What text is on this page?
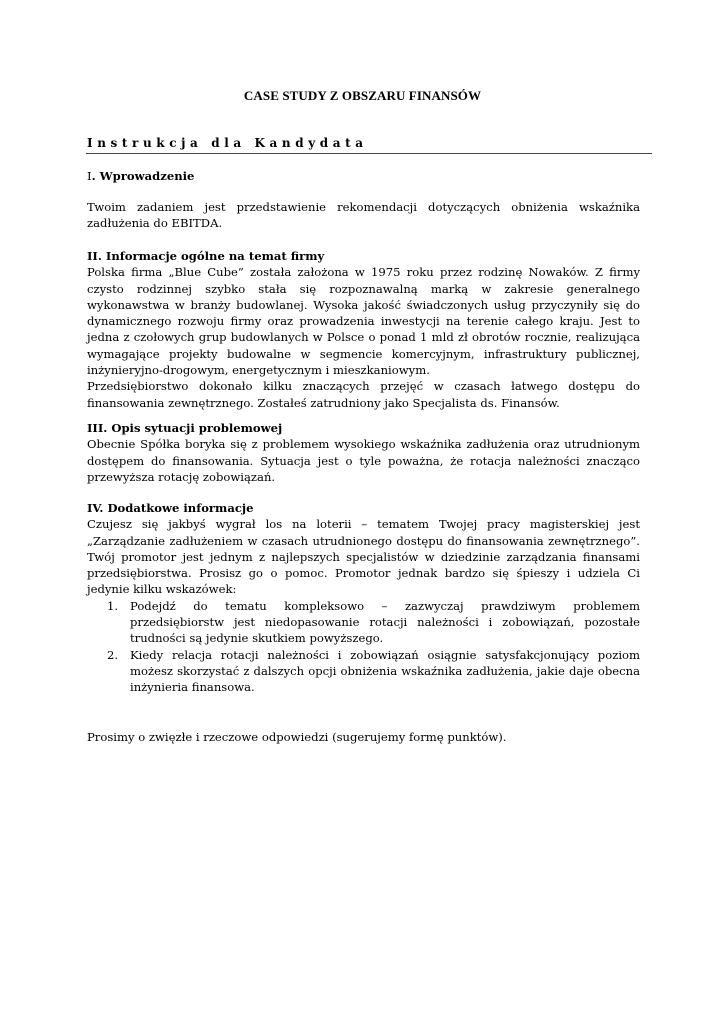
CASE STUDY Z OBSZARU FINANSÓW
Instrukcja dla Kandydata

I. Wprowadzenie

Twoim zadaniem jest przedstawienie rekomendacji dotyczących obniżenia wskaźnika zadłużenia do EBITDA.

II. Informacje ogólne na temat firmy

Polska firma „Blue Cube” została założona w 1975 roku przez rodzinę Nowaków. Z firmy czysto rodzinnej szybko stała się rozpoznawalną marką w zakresie generalnego wykonawstwa w branży budowlanej. Wysoka jakość świadczonych usług przyczyniły się do dynamicznego rozwoju firmy oraz prowadzenia inwestycji na terenie całego kraju. Jest to jedna z czołowych grup budowlanych w Polsce o ponad 1 mld zł obrotów rocznie, realizująca wymagające projekty budowalne w segmencie komercyjnym, infrastruktury publicznej, inżynieryjno-drogowym, energetycznym i mieszkaniowym.

Przedsiębiorstwo dokonało kilku znaczących przejęć w czasach łatwego dostępu do finansowania zewnętrznego. Zostałeś zatrudniony jako Specjalista ds. Finansów.

III. Opis sytuacji problemowej

Obecnie Spółka boryka się z problemem wysokiego wskaźnika zadłużenia oraz utrudnionym dostępem do finansowania. Sytuacja jest o tyle poważna, że rotacja należności znacząco przewyższa rotację zobowiązań.

IV. Dodatkowe informacje

Czujesz się jakbyś wygrał los na loterii – tematem Twojej pracy magisterskiej jest „Zarządzanie zadłużeniem w czasach utrudnionego dostępu do finansowania zewnętrznego”. Twój promotor jest jednym z najlepszych specjalistów w dziedzinie zarządzania finansami przedsiębiorstwa. Prosisz go o pomoc. Promotor jednak bardzo się śpieszy i udziela Ci jedynie kilku wskazówek:

1. Podejdź do tematu kompleksowo – zazwyczaj prawdziwym problemem przedsiębiorstw jest niedopasowanie rotacji należności i zobowiązań, pozostałe trudności są jedynie skutkiem powyższego.
2. Kiedy relacja rotacji należności i zobowiązań osiągnie satysfakcjonujący poziom możesz skorzystać z dalszych opcji obniżenia wskaźnika zadłużenia, jakie daje obecna inżynieria finansowa.

Prosimy o zwięzłe i rzeczowe odpowiedzi (sugerujemy formę punktów).
